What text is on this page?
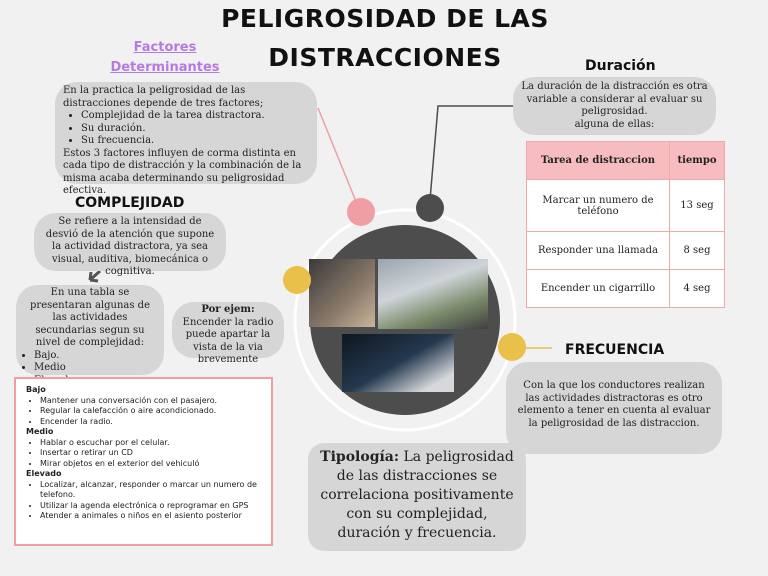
PELIGROSIDAD DE LAS
DISTRACCIONES
Factores
Determinantes
En la practica la peligrosidad de las distracciones depende de tres factores;
• Complejidad de la tarea distractora.
• Su duración.
• Su frecuencia.
Estos 3 factores influyen de corma distinta en cada tipo de distracción y la combinación de la misma acaba determinando su peligrosidad efectiva.
COMPLEJIDAD
Se refiere a la intensidad de desvió de la atención que supone la actividad distractora, ya sea visual, auditiva, biomecánica o cognitiva.
En una tabla se presentaran algunas de las actividades secundarias segun su nivel de complejidad:
• Bajo.
• Medio
•
Por ejem: Encender la radio puede apartar la vista de la via brevemente
Bajo
• Mantener una conversación con el pasajero.
• Regular la calefacción o aire acondicionado.
• Encender la radio.
Medio
• Hablar o escuchar por el celular.
• Insertar o retirar un CD
• Mirar objetos en el exterior del vehiculó
Elevado
• Localizar, alcanzar, responder o marcar un numero de telefono.
• Utilizar la agenda electrónica o reprogramar en GPS
• Atender a animales o niños en el asiento posterior
Duración
La duración de la distracción es otra variable a considerar al evaluar su peligrosidad.
alguna de ellas:
Tarea de distraccion	tiempo
Marcar un numero de teléfono	13 seg
Responder una llamada	8 seg
Encender un cigarrillo	4 seg
FRECUENCIA
Con la que los conductores realizan las actividades distractoras es otro elemento a tener en cuenta al evaluar la peligrosidad de las distraccion.
Tipología: La peligrosidad de las distracciones se correlaciona positivamente con su complejidad, duración y frecuencia.
